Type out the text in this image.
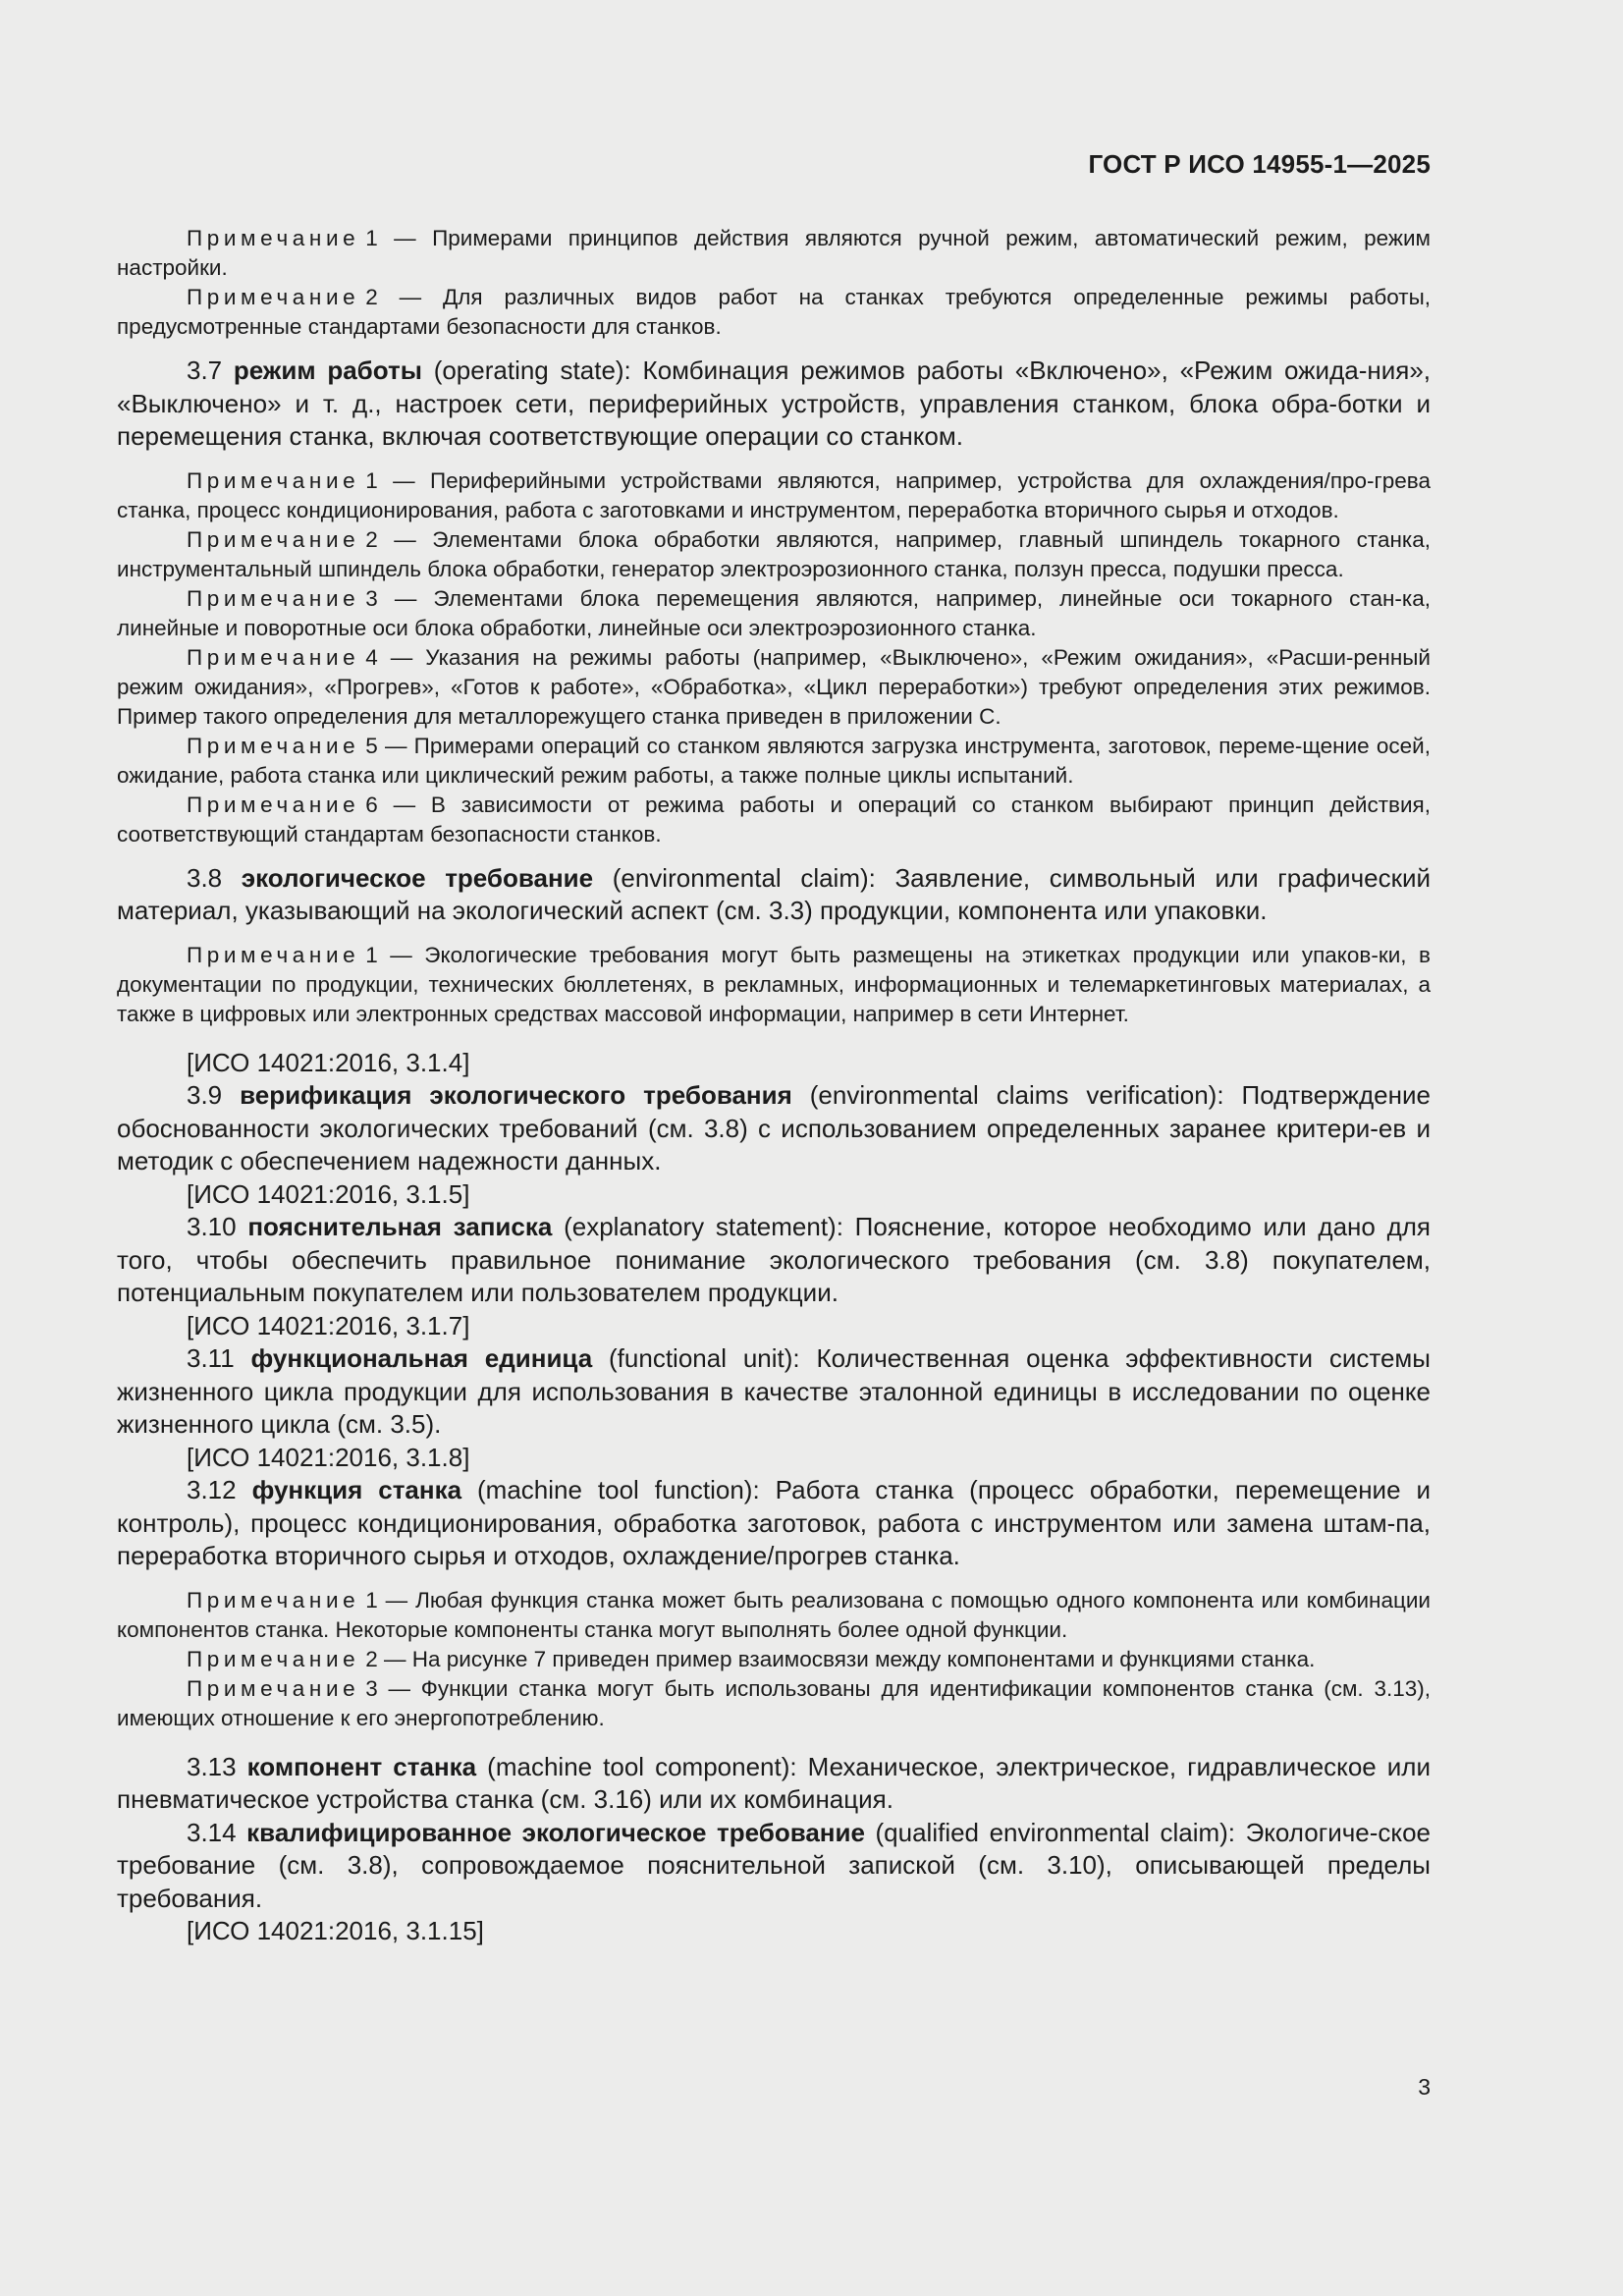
ГОСТ Р ИСО 14955-1—2025

Примечание 1 — Примерами принципов действия являются ручной режим, автоматический режим, режим настройки.

Примечание 2 — Для различных видов работ на станках требуются определенные режимы работы, предусмотренные стандартами безопасности для станков.

3.7 режим работы (operating state): Комбинация режимов работы «Включено», «Режим ожида-ния», «Выключено» и т. д., настроек сети, периферийных устройств, управления станком, блока обра-ботки и перемещения станка, включая соответствующие операции со станком.

Примечание 1 — Периферийными устройствами являются, например, устройства для охлаждения/про-грева станка, процесс кондиционирования, работа с заготовками и инструментом, переработка вторичного сырья и отходов.

Примечание 2 — Элементами блока обработки являются, например, главный шпиндель токарного станка, инструментальный шпиндель блока обработки, генератор электроэрозионного станка, ползун пресса, подушки пресса.

Примечание 3 — Элементами блока перемещения являются, например, линейные оси токарного стан-ка, линейные и поворотные оси блока обработки, линейные оси электроэрозионного станка.

Примечание 4 — Указания на режимы работы (например, «Выключено», «Режим ожидания», «Расши-ренный режим ожидания», «Прогрев», «Готов к работе», «Обработка», «Цикл переработки») требуют определения этих режимов. Пример такого определения для металлорежущего станка приведен в приложении С.

Примечание 5 — Примерами операций со станком являются загрузка инструмента, заготовок, переме-щение осей, ожидание, работа станка или циклический режим работы, а также полные циклы испытаний.

Примечание 6 — В зависимости от режима работы и операций со станком выбирают принцип действия, соответствующий стандартам безопасности станков.

3.8 экологическое требование (environmental claim): Заявление, символьный или графический материал, указывающий на экологический аспект (см. 3.3) продукции, компонента или упаковки.

Примечание 1 — Экологические требования могут быть размещены на этикетках продукции или упаков-ки, в документации по продукции, технических бюллетенях, в рекламных, информационных и телемаркетинговых материалах, а также в цифровых или электронных средствах массовой информации, например в сети Интернет.

[ИСО 14021:2016, 3.1.4]

3.9 верификация экологического требования (environmental claims verification): Подтверждение обоснованности экологических требований (см. 3.8) с использованием определенных заранее критери-ев и методик с обеспечением надежности данных.

[ИСО 14021:2016, 3.1.5]

3.10 пояснительная записка (explanatory statement): Пояснение, которое необходимо или дано для того, чтобы обеспечить правильное понимание экологического требования (см. 3.8) покупателем, потенциальным покупателем или пользователем продукции.

[ИСО 14021:2016, 3.1.7]

3.11 функциональная единица (functional unit): Количественная оценка эффективности системы жизненного цикла продукции для использования в качестве эталонной единицы в исследовании по оценке жизненного цикла (см. 3.5).

[ИСО 14021:2016, 3.1.8]

3.12 функция станка (machine tool function): Работа станка (процесс обработки, перемещение и контроль), процесс кондиционирования, обработка заготовок, работа с инструментом или замена штам-па, переработка вторичного сырья и отходов, охлаждение/прогрев станка.

Примечание 1 — Любая функция станка может быть реализована с помощью одного компонента или комбинации компонентов станка. Некоторые компоненты станка могут выполнять более одной функции.

Примечание 2 — На рисунке 7 приведен пример взаимосвязи между компонентами и функциями станка.

Примечание 3 — Функции станка могут быть использованы для идентификации компонентов станка (см. 3.13), имеющих отношение к его энергопотреблению.

3.13 компонент станка (machine tool component): Механическое, электрическое, гидравлическое или пневматическое устройства станка (см. 3.16) или их комбинация.

3.14 квалифицированное экологическое требование (qualified environmental claim): Экологиче-ское требование (см. 3.8), сопровождаемое пояснительной запиской (см. 3.10), описывающей пределы требования.

[ИСО 14021:2016, 3.1.15]

3
